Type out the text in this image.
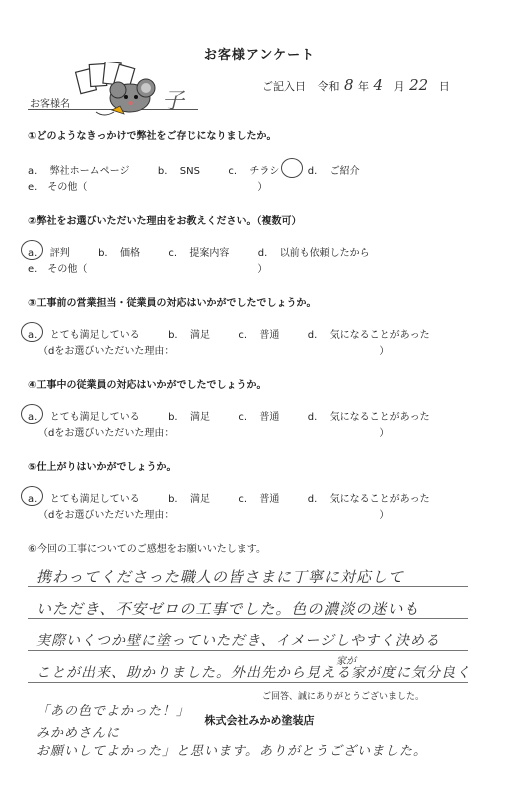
お客様アンケート
ご記入日 令和 8 年 4 月 22 日
お客様名	子
①どのようなきっかけで弊社をご存じになりましたか。
a. 弊社ホームページ	b. SNS	c. チラシ	d. ご紹介
e.　その他（　　　　　　　　　　　　　　　　　）
②弊社をお選びいただいた理由をお教えください。（複数可）
a. 評判	b. 価格	c. 提案内容	d. 以前も依頼したから
e.　その他（　　　　　　　　　　　　　　　　　）
③工事前の営業担当・従業員の対応はいかがでしたでしょうか。
a. とても満足している	b. 満足	c. 普通	d. 気になることがあった
（dをお選びいただいた理由：　　　　　　　　　　　　　　　　　　　　　）
④工事中の従業員の対応はいかがでしたでしょうか。
a. とても満足している	b. 満足	c. 普通	d. 気になることがあった
（dをお選びいただいた理由：　　　　　　　　　　　　　　　　　　　　　）
⑤仕上がりはいかがでしょうか。
a. とても満足している	b. 満足	c. 普通	d. 気になることがあった
（dをお選びいただいた理由：　　　　　　　　　　　　　　　　　　　　　）
⑥今回の工事についてのご感想をお願いいたします。
携わってくださった職人の皆さまに丁寧に対応して
いただき、不安ゼロの工事でした。色の濃淡の迷いも
実際いくつか壁に塗っていただき、イメージしやすく決める
ことが出来、助かりました。外出先から見える家が度に気分良く
家が
ご回答、誠にありがとうございました。
「あの色でよかった！」
株式会社みかめ塗装店
みかめさんに
お願いしてよかった」と思います。ありがとうございました。
